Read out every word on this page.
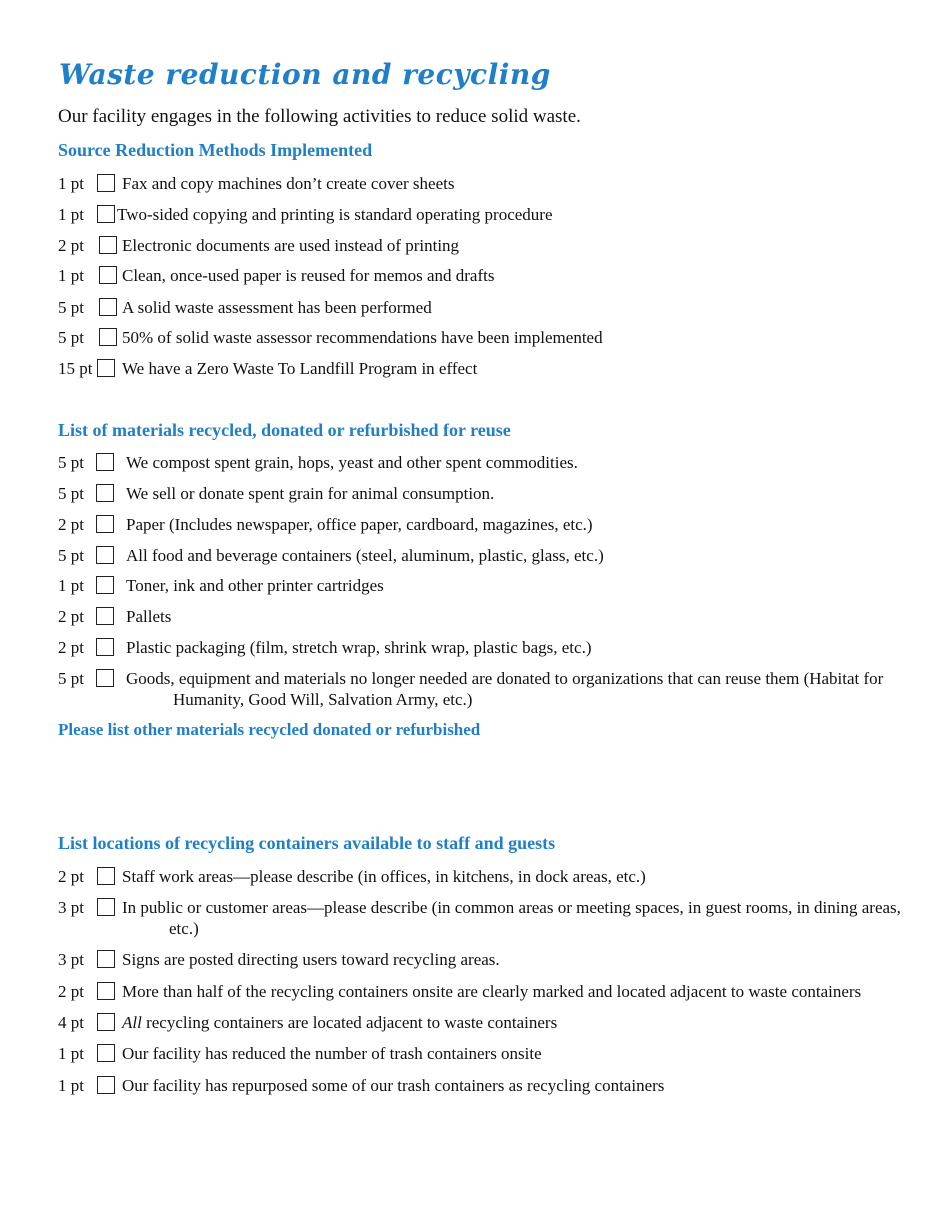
Waste reduction and recycling
Our facility engages in the following activities to reduce solid waste.
Source Reduction Methods Implemented
1 pt Fax and copy machines don’t create cover sheets
1 pt Two-sided copying and printing is standard operating procedure
2 pt Electronic documents are used instead of printing
1 pt Clean, once-used paper is reused for memos and drafts
5 pt A solid waste assessment has been performed
5 pt 50% of solid waste assessor recommendations have been implemented
15 pt We have a Zero Waste To Landfill Program in effect
List of materials recycled, donated or refurbished for reuse
5 pt We compost spent grain, hops, yeast and other spent commodities.
5 pt We sell or donate spent grain for animal consumption.
2 pt Paper (Includes newspaper, office paper, cardboard, magazines, etc.)
5 pt All food and beverage containers (steel, aluminum, plastic, glass, etc.)
1 pt Toner, ink and other printer cartridges
2 pt Pallets
2 pt Plastic packaging (film, stretch wrap, shrink wrap, plastic bags, etc.)
5 pt Goods, equipment and materials no longer needed are donated to organizations that can reuse them (Habitat for Humanity, Good Will, Salvation Army, etc.)
Please list other materials recycled donated or refurbished
List locations of recycling containers available to staff and guests
2 pt Staff work areas—please describe (in offices, in kitchens, in dock areas, etc.)
3 pt In public or customer areas—please describe (in common areas or meeting spaces, in guest rooms, in dining areas, etc.)
3 pt Signs are posted directing users toward recycling areas.
2 pt More than half of the recycling containers onsite are clearly marked and located adjacent to waste containers
4 pt All recycling containers are located adjacent to waste containers
1 pt Our facility has reduced the number of trash containers onsite
1 pt Our facility has repurposed some of our trash containers as recycling containers
